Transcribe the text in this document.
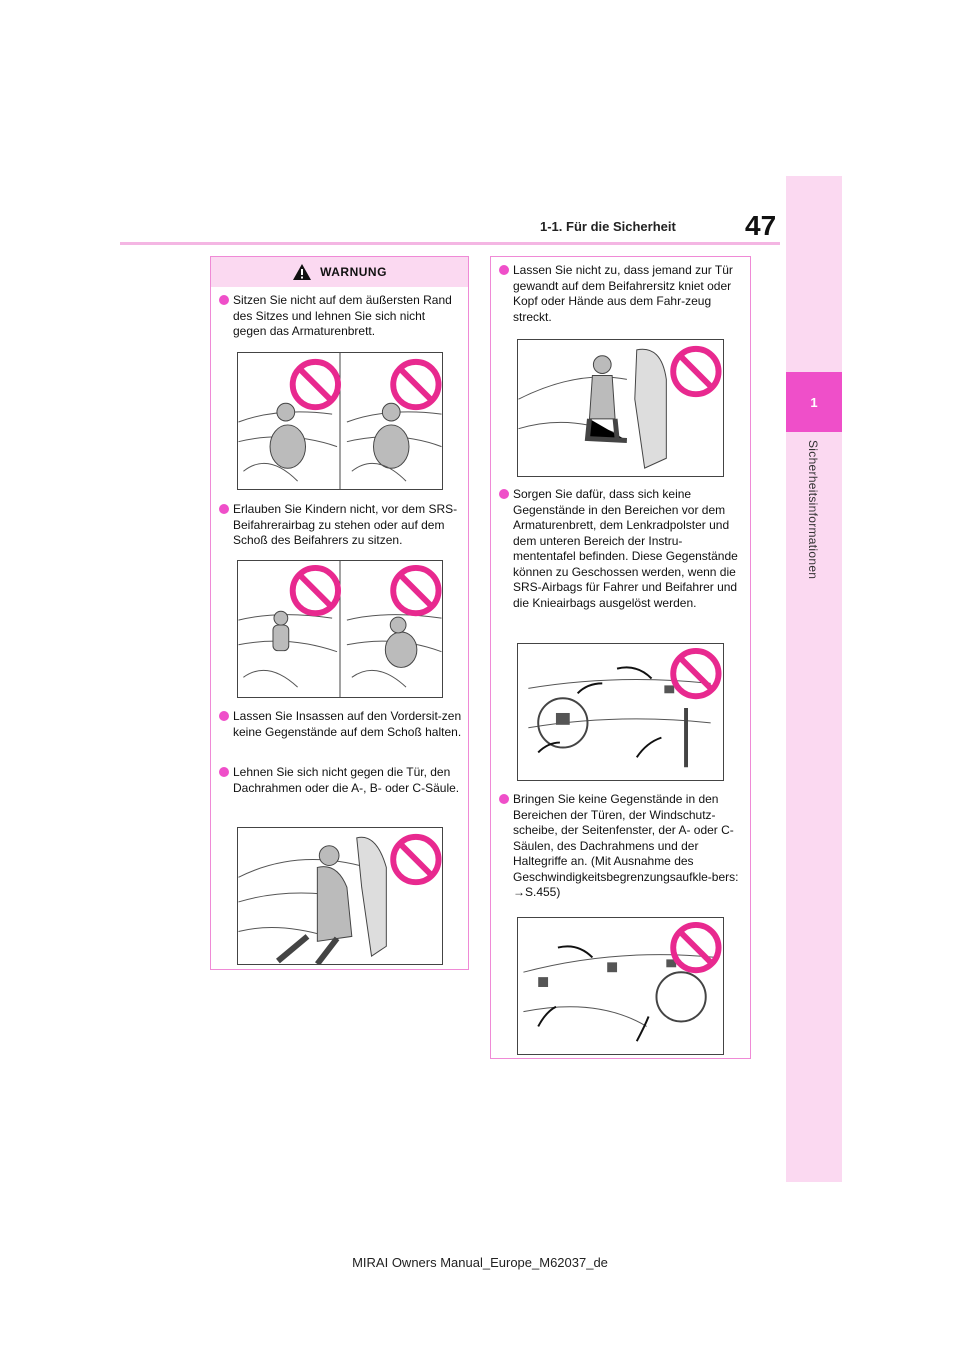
47
1-1. Für die Sicherheit
1
Sicherheitsinformationen
WARNUNG

Sitzen Sie nicht auf dem äußersten Rand des Sitzes und lehnen Sie sich nicht gegen das Armaturenbrett.

Erlauben Sie Kindern nicht, vor dem SRS-Beifahrerairbag zu stehen oder auf dem Schoß des Beifahrers zu sitzen.

Lassen Sie Insassen auf den Vordersit-zen keine Gegenstände auf dem Schoß halten.

Lehnen Sie sich nicht gegen die Tür, den Dachrahmen oder die A-, B- oder C-Säule.

Lassen Sie nicht zu, dass jemand zur Tür gewandt auf dem Beifahrersitz kniet oder Kopf oder Hände aus dem Fahr-zeug streckt.

Sorgen Sie dafür, dass sich keine Gegenstände in den Bereichen vor dem Armaturenbrett, dem Lenkradpolster und dem unteren Bereich der Instru-mententafel befinden. Diese Gegenstände können zu Geschossen werden, wenn die SRS-Airbags für Fahrer und Beifahrer und die Knieairbags ausgelöst werden.

Bringen Sie keine Gegenstände in den Bereichen der Türen, der Windschutz-scheibe, der Seitenfenster, der A- oder C-Säulen, des Dachrahmens und der Haltegriffe an. (Mit Ausnahme des Geschwindigkeitsbegrenzungsaufkle-bers: →S.455)

MIRAI Owners Manual_Europe_M62037_de
